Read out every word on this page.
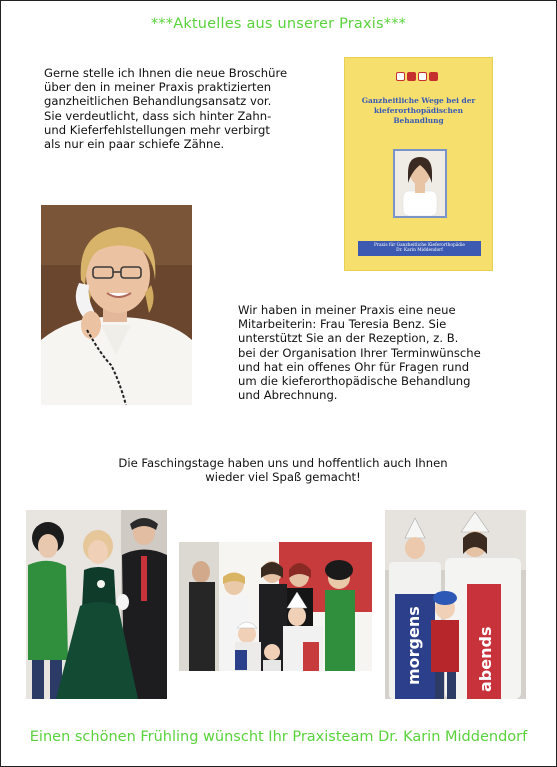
***Aktuelles aus unserer Praxis***
Gerne stelle ich Ihnen die neue Broschüre
über den in meiner Praxis praktizierten
ganzheitlichen Behandlungsansatz vor.
Sie verdeutlicht, dass sich hinter Zahn-
und Kieferfehlstellungen mehr verbirgt
als nur ein paar schiefe Zähne.
Ganzheitliche Wege bei der
kieferorthopädischen Behandlung
Praxis für Ganzheitliche Kieferorthopädie
Dr. Karin Middendorf
Wir haben in meiner Praxis eine neue
Mitarbeiterin: Frau Teresia Benz. Sie
unterstützt Sie an der Rezeption, z. B.
bei der Organisation Ihrer Terminwünsche
und hat ein offenes Ohr für Fragen rund
um die kieferorthopädische Behandlung
und Abrechnung.
Die Faschingstage haben uns und hoffentlich auch Ihnen
wieder viel Spaß gemacht!
morgens	abends
Einen schönen Frühling wünscht Ihr Praxisteam Dr. Karin Middendorf
